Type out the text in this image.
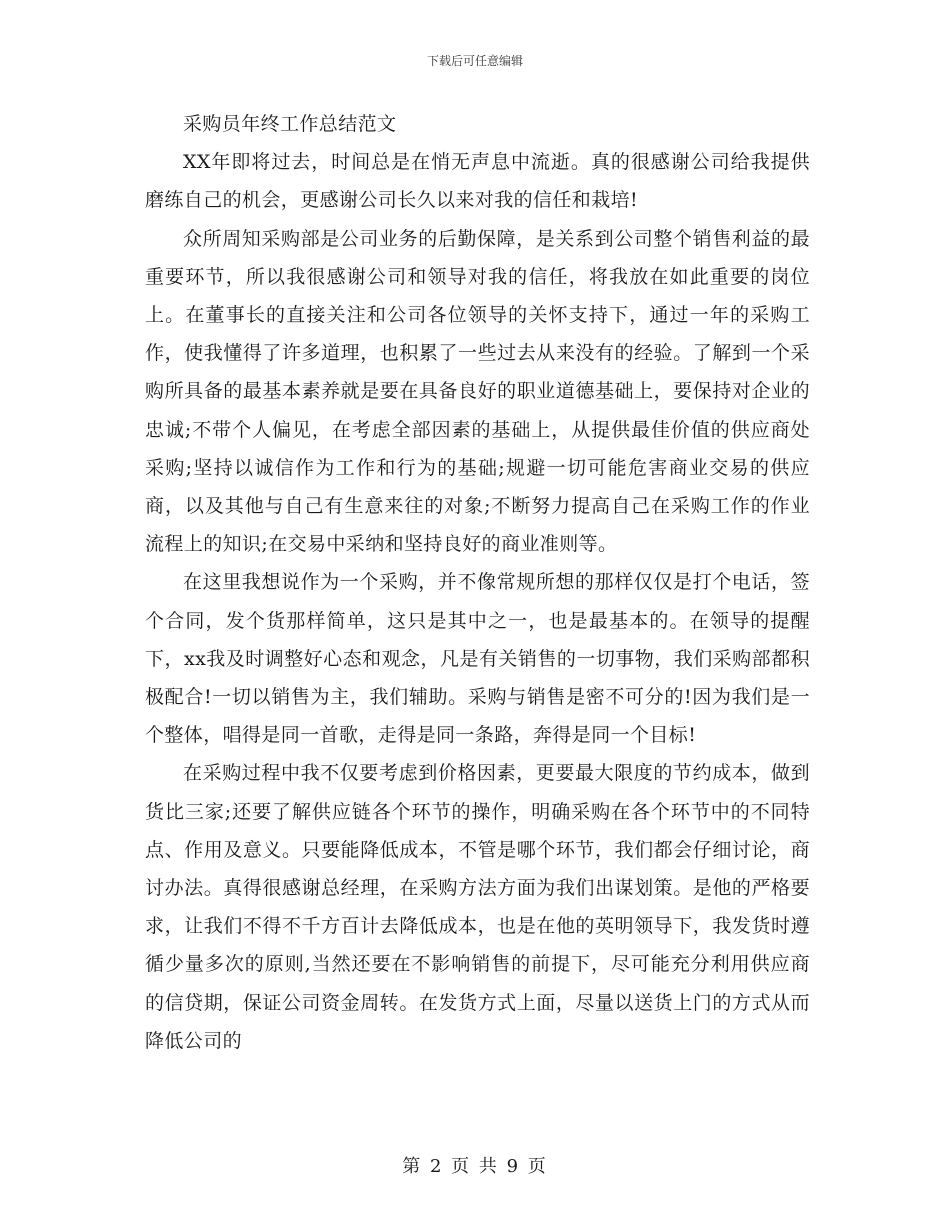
下载后可任意编辑

采购员年终工作总结范文

XX年即将过去，时间总是在悄无声息中流逝。真的很感谢公司给我提供磨练自己的机会，更感谢公司长久以来对我的信任和栽培!

众所周知采购部是公司业务的后勤保障，是关系到公司整个销售利益的最重要环节，所以我很感谢公司和领导对我的信任，将我放在如此重要的岗位上。在董事长的直接关注和公司各位领导的关怀支持下，通过一年的采购工作，使我懂得了许多道理，也积累了一些过去从来没有的经验。了解到一个采购所具备的最基本素养就是要在具备良好的职业道德基础上，要保持对企业的忠诚;不带个人偏见，在考虑全部因素的基础上，从提供最佳价值的供应商处采购;坚持以诚信作为工作和行为的基础;规避一切可能危害商业交易的供应商，以及其他与自己有生意来往的对象;不断努力提高自己在采购工作的作业流程上的知识;在交易中采纳和坚持良好的商业准则等。

在这里我想说作为一个采购，并不像常规所想的那样仅仅是打个电话，签个合同，发个货那样简单，这只是其中之一，也是最基本的。在领导的提醒下，xx我及时调整好心态和观念，凡是有关销售的一切事物，我们采购部都积极配合!一切以销售为主，我们辅助。采购与销售是密不可分的!因为我们是一个整体，唱得是同一首歌，走得是同一条路，奔得是同一个目标!

在采购过程中我不仅要考虑到价格因素，更要最大限度的节约成本，做到货比三家;还要了解供应链各个环节的操作，明确采购在各个环节中的不同特点、作用及意义。只要能降低成本，不管是哪个环节，我们都会仔细讨论，商讨办法。真得很感谢总经理，在采购方法方面为我们出谋划策。是他的严格要求，让我们不得不千方百计去降低成本，也是在他的英明领导下，我发货时遵循少量多次的原则,当然还要在不影响销售的前提下，尽可能充分利用供应商的信贷期，保证公司资金周转。在发货方式上面，尽量以送货上门的方式从而降低公司的

第 2 页 共 9 页
